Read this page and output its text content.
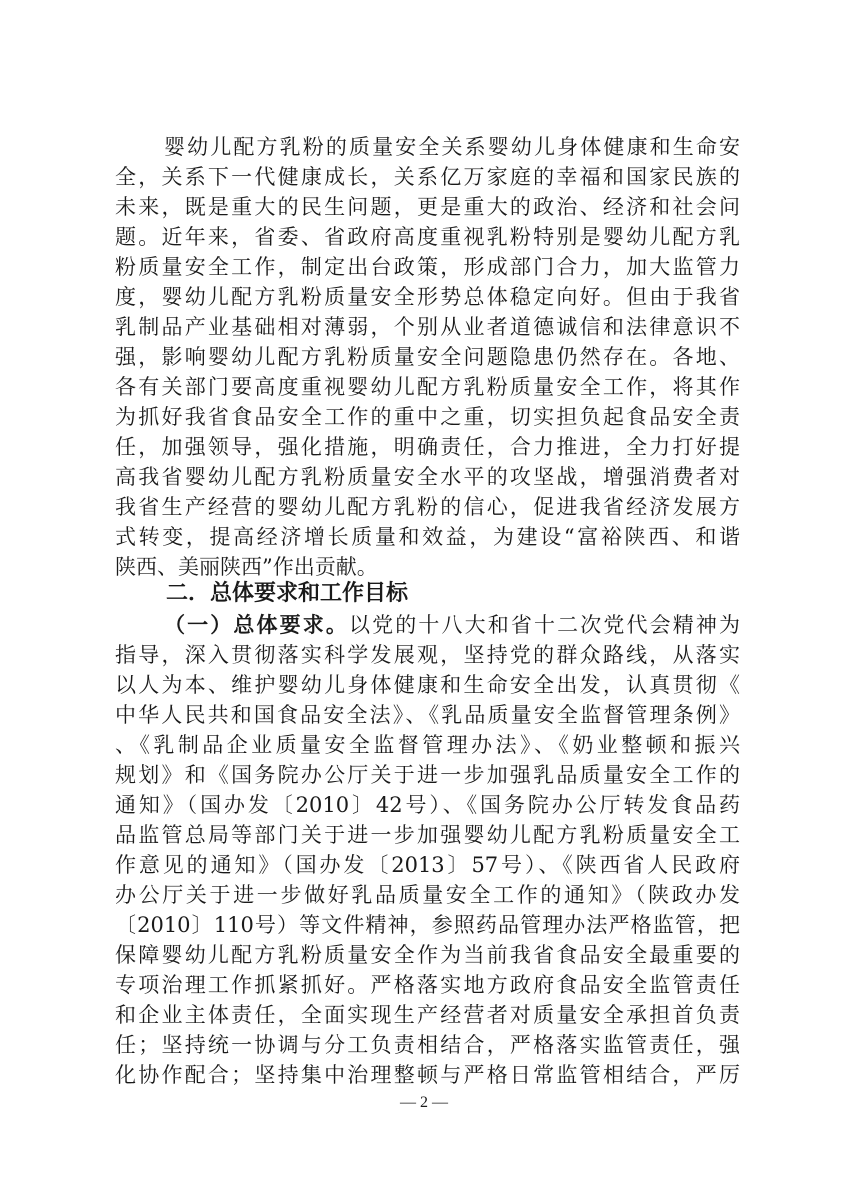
婴幼儿配方乳粉的质量安全关系婴幼儿身体健康和生命安
全，关系下一代健康成长，关系亿万家庭的幸福和国家民族的
未来，既是重大的民生问题，更是重大的政治、经济和社会问
题。近年来，省委、省政府高度重视乳粉特别是婴幼儿配方乳
粉质量安全工作，制定出台政策，形成部门合力，加大监管力
度，婴幼儿配方乳粉质量安全形势总体稳定向好。但由于我省
乳制品产业基础相对薄弱，个别从业者道德诚信和法律意识不
强，影响婴幼儿配方乳粉质量安全问题隐患仍然存在。各地、
各有关部门要高度重视婴幼儿配方乳粉质量安全工作，将其作
为抓好我省食品安全工作的重中之重，切实担负起食品安全责
任，加强领导，强化措施，明确责任，合力推进，全力打好提
高我省婴幼儿配方乳粉质量安全水平的攻坚战，增强消费者对
我省生产经营的婴幼儿配方乳粉的信心，促进我省经济发展方
式转变，提高经济增长质量和效益，为建设“富裕陕西、和谐
陕西、美丽陕西”作出贡献。
二．总体要求和工作目标
（一）总体要求。以党的十八大和省十二次党代会精神为
指导，深入贯彻落实科学发展观，坚持党的群众路线，从落实
以人为本、维护婴幼儿身体健康和生命安全出发，认真贯彻《
中华人民共和国食品安全法》、《乳品质量安全监督管理条例》
、《乳制品企业质量安全监督管理办法》、《奶业整顿和振兴
规划》和《国务院办公厅关于进一步加强乳品质量安全工作的
通知》（国办发〔2010〕42号）、《国务院办公厅转发食品药
品监管总局等部门关于进一步加强婴幼儿配方乳粉质量安全工
作意见的通知》（国办发〔2013〕57号）、《陕西省人民政府
办公厅关于进一步做好乳品质量安全工作的通知》（陕政办发
〔2010〕110号）等文件精神，参照药品管理办法严格监管，把
保障婴幼儿配方乳粉质量安全作为当前我省食品安全最重要的
专项治理工作抓紧抓好。严格落实地方政府食品安全监管责任
和企业主体责任，全面实现生产经营者对质量安全承担首负责
任；坚持统一协调与分工负责相结合，严格落实监管责任，强
化协作配合；坚持集中治理整顿与严格日常监管相结合，严厉
— 2 —
